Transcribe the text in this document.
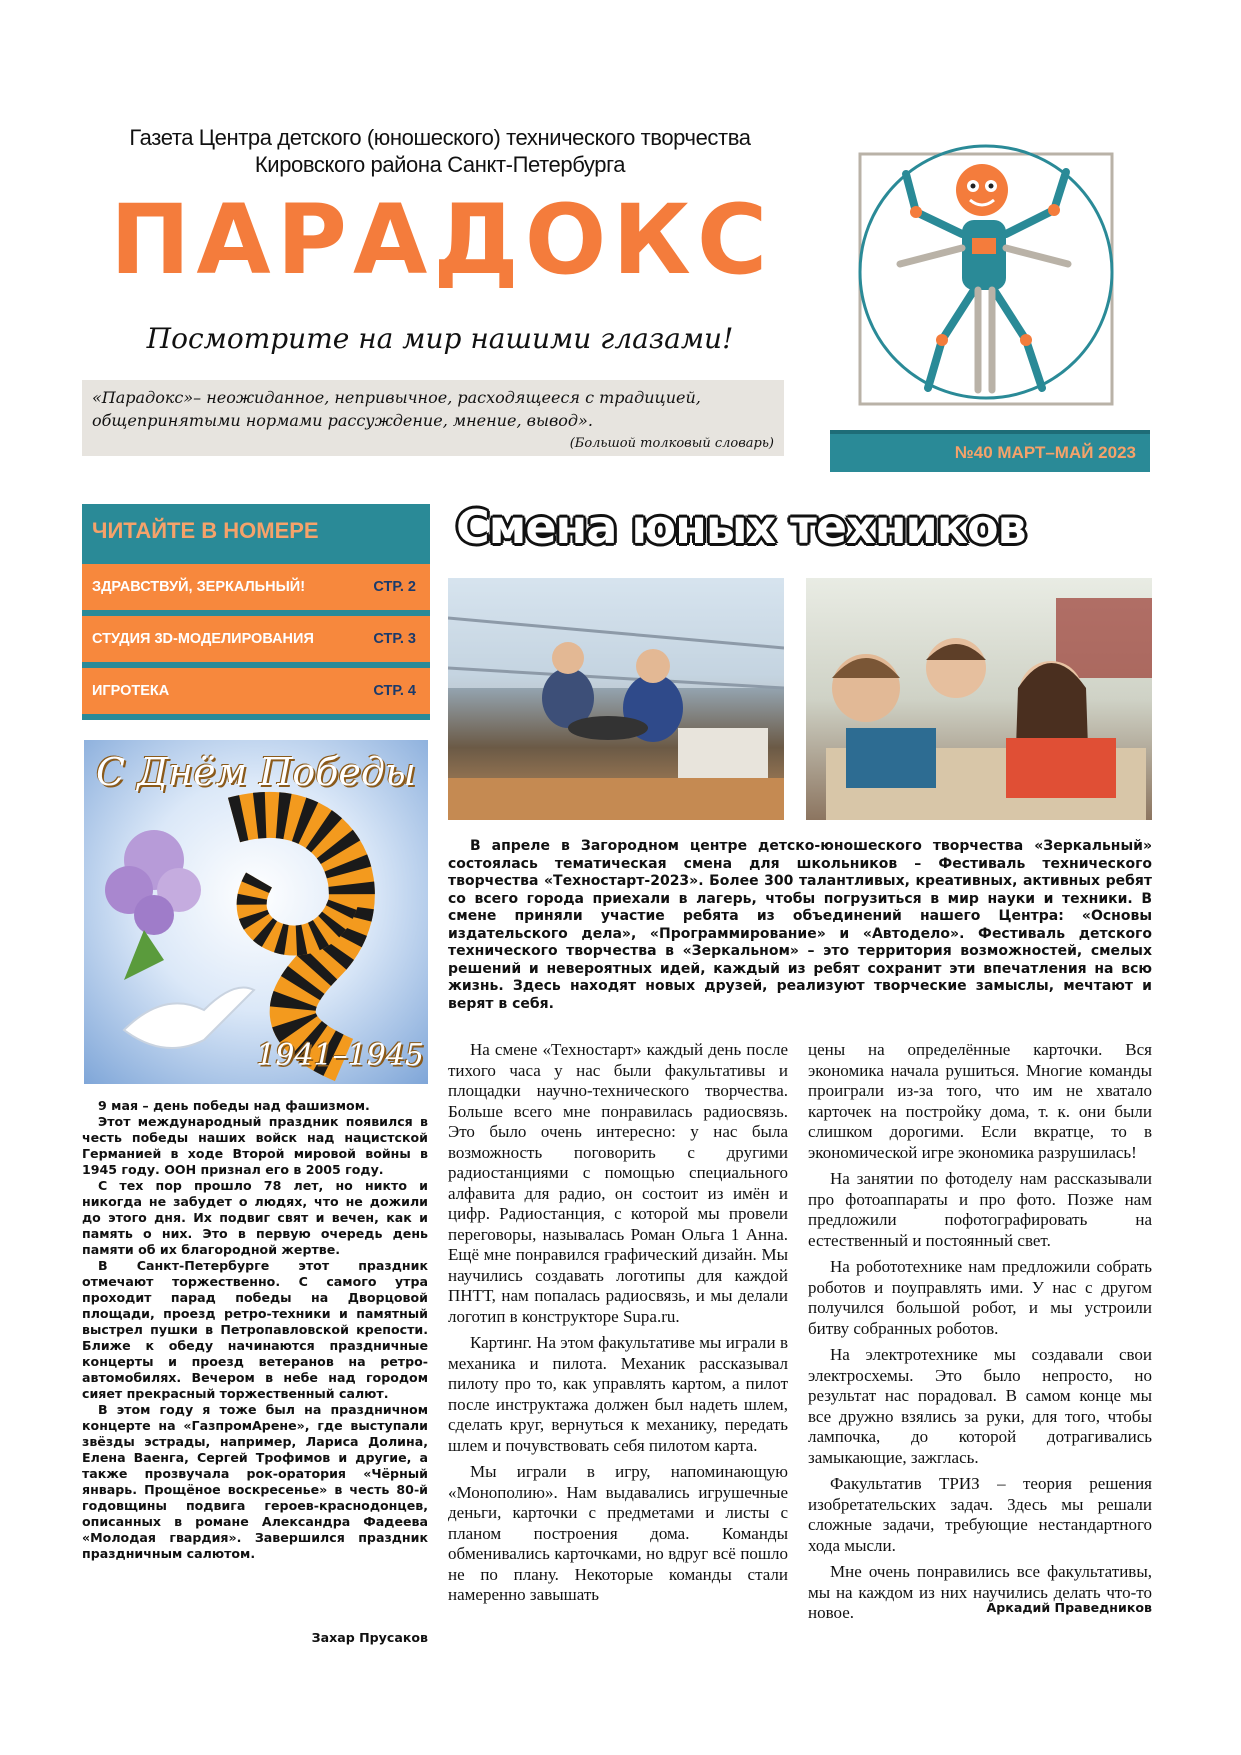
Газета Центра детского (юношеского) технического творчества
Кировского района Санкт-Петербурга
ПАРАДОКС
Посмотрите на мир нашими глазами!
«Парадокс»– неожиданное, непривычное, расходящееся с традицией, общепринятыми нормами рассуждение, мнение, вывод».
(Большой толковый словарь)	№40 МАРТ–МАЙ 2023
ЧИТАЙТЕ В НОМЕРЕ
ЗДРАВСТВУЙ, ЗЕРКАЛЬНЫЙ!	СТР. 2
СТУДИЯ 3D-МОДЕЛИРОВАНИЯ	СТР. 3
ИГРОТЕКА	СТР. 4
С Днём Победы
1941–1945

9 мая – день победы над фашизмом.

Этот международный праздник появился в честь победы наших войск над нацистской Германией в ходе Второй мировой войны в 1945 году. ООН признал его в 2005 году.

С тех пор прошло 78 лет, но никто и никогда не забудет о людях, что не дожили до этого дня. Их подвиг свят и вечен, как и память о них. Это в первую очередь день памяти об их благородной жертве.

В Санкт-Петербурге этот праздник отмечают торжественно. С самого утра проходит парад победы на Дворцовой площади, проезд ретро-техники и памятный выстрел пушки в Петропавловской крепости. Ближе к обеду начинаются праздничные концерты и проезд ветеранов на ретро-автомобилях. Вечером в небе над городом сияет прекрасный торжественный салют.

В этом году я тоже был на праздничном концерте на «ГазпромАрене», где выступали звёзды эстрады, например, Лариса Долина, Елена Ваенга, Сергей Трофимов и другие, а также прозвучала рок-оратория «Чёрный январь. Прощёное воскресенье» в честь 80-й годовщины подвига героев-краснодонцев, описанных в романе Александра Фадеева «Молодая гвардия». Завершился праздник праздничным салютом.

Захар Прусаков
Смена юных техников

В апреле в Загородном центре детско-юношеского творчества «Зеркальный» состоялась тематическая смена для школьников – Фестиваль технического творчества «Техностарт-2023». Более 300 талантливых, креативных, активных ребят со всего города приехали в лагерь, чтобы погрузиться в мир науки и техники. В смене приняли участие ребята из объединений нашего Центра: «Основы издательского дела», «Программирование» и «Автодело». Фестиваль детского технического творчества в «Зеркальном» – это территория возможностей, смелых решений и невероятных идей, каждый из ребят сохранит эти впечатления на всю жизнь. Здесь находят новых друзей, реализуют творческие замыслы, мечтают и верят в себя.

На смене «Техностарт» каждый день после тихого часа у нас были факультативы и площадки научно-технического творчества. Больше всего мне понравилась радиосвязь. Это было очень интересно: у нас была возможность поговорить с другими радиостанциями с помощью специального алфавита для радио, он состоит из имён и цифр. Радиостанция, с которой мы провели переговоры, называлась Роман Ольга 1 Анна. Ещё мне понравился графический дизайн. Мы научились создавать логотипы для каждой ПНТТ, нам попалась радиосвязь, и мы делали логотип в конструкторе Supa.ru.

Картинг. На этом факультативе мы играли в механика и пилота. Механик рассказывал пилоту про то, как управлять картом, а пилот после инструктажа должен был надеть шлем, сделать круг, вернуться к механику, передать шлем и почувствовать себя пилотом карта.

Мы играли в игру, напоминающую «Монополию». Нам выдавались игрушечные деньги, карточки с предметами и листы с планом построения дома. Команды обменивались карточками, но вдруг всё пошло не по плану. Некоторые команды стали намеренно завышать

цены на определённые карточки. Вся экономика начала рушиться. Многие команды проиграли из-за того, что им не хватало карточек на постройку дома, т. к. они были слишком дорогими. Если вкратце, то в экономической игре экономика разрушилась!

На занятии по фотоделу нам рассказывали про фотоаппараты и про фото. Позже нам предложили пофотографировать на естественный и постоянный свет.

На робототехнике нам предложили собрать роботов и поуправлять ими. У нас с другом получился большой робот, и мы устроили битву собранных роботов.

На электротехнике мы создавали свои электросхемы. Это было непросто, но результат нас порадовал. В самом конце мы все дружно взялись за руки, для того, чтобы лампочка, до которой дотрагивались замыкающие, зажглась.

Факультатив ТРИЗ – теория решения изобретательских задач. Здесь мы решали сложные задачи, требующие нестандартного хода мысли.

Мне очень понравились все факультативы, мы на каждом из них научились делать что-то новое.	Аркадий Праведников
